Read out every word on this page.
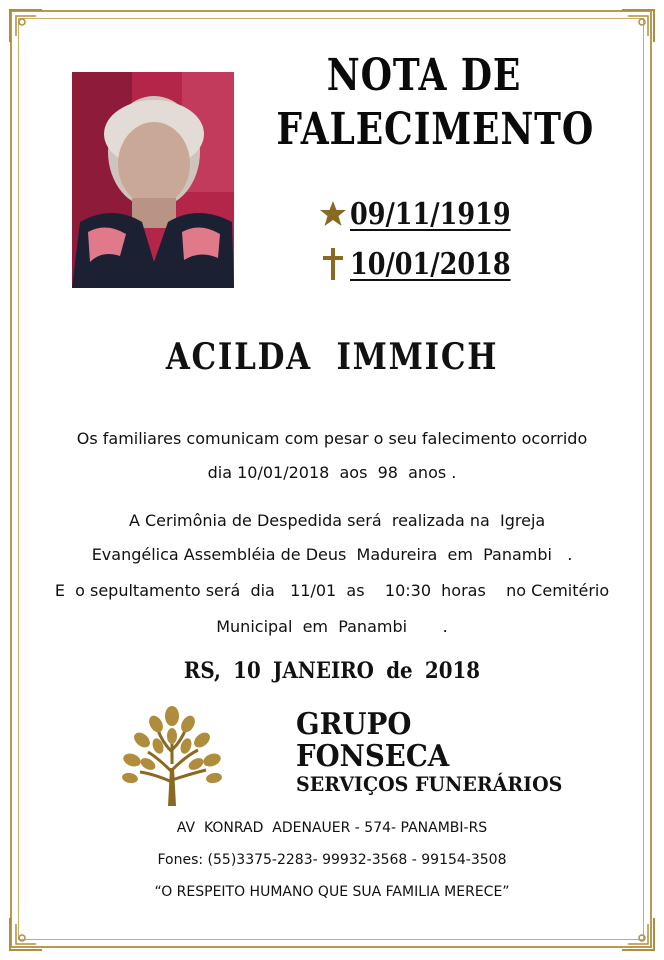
NOTA DE
FALECIMENTO
09/11/1919
10/01/2018
ACILDA IMMICH
Os familiares comunicam com pesar o seu falecimento ocorrido
dia 10/01/2018  aos  98  anos .
A Cerimônia de Despedida será  realizada na  Igreja
Evangélica Assembléia de Deus  Madureira  em  Panambi   .
E  o sepultamento será  dia   11/01  as    10:30  horas    no Cemitério
Municipal  em  Panambi       .
RS, 10 JANEIRO de 2018
GRUPO
FONSECA
SERVIÇOS FUNERÁRIOS
AV  KONRAD  ADENAUER - 574- PANAMBI-RS
Fones: (55)3375-2283- 99932-3568 - 99154-3508
“O RESPEITO HUMANO QUE SUA FAMILIA MERECE”
